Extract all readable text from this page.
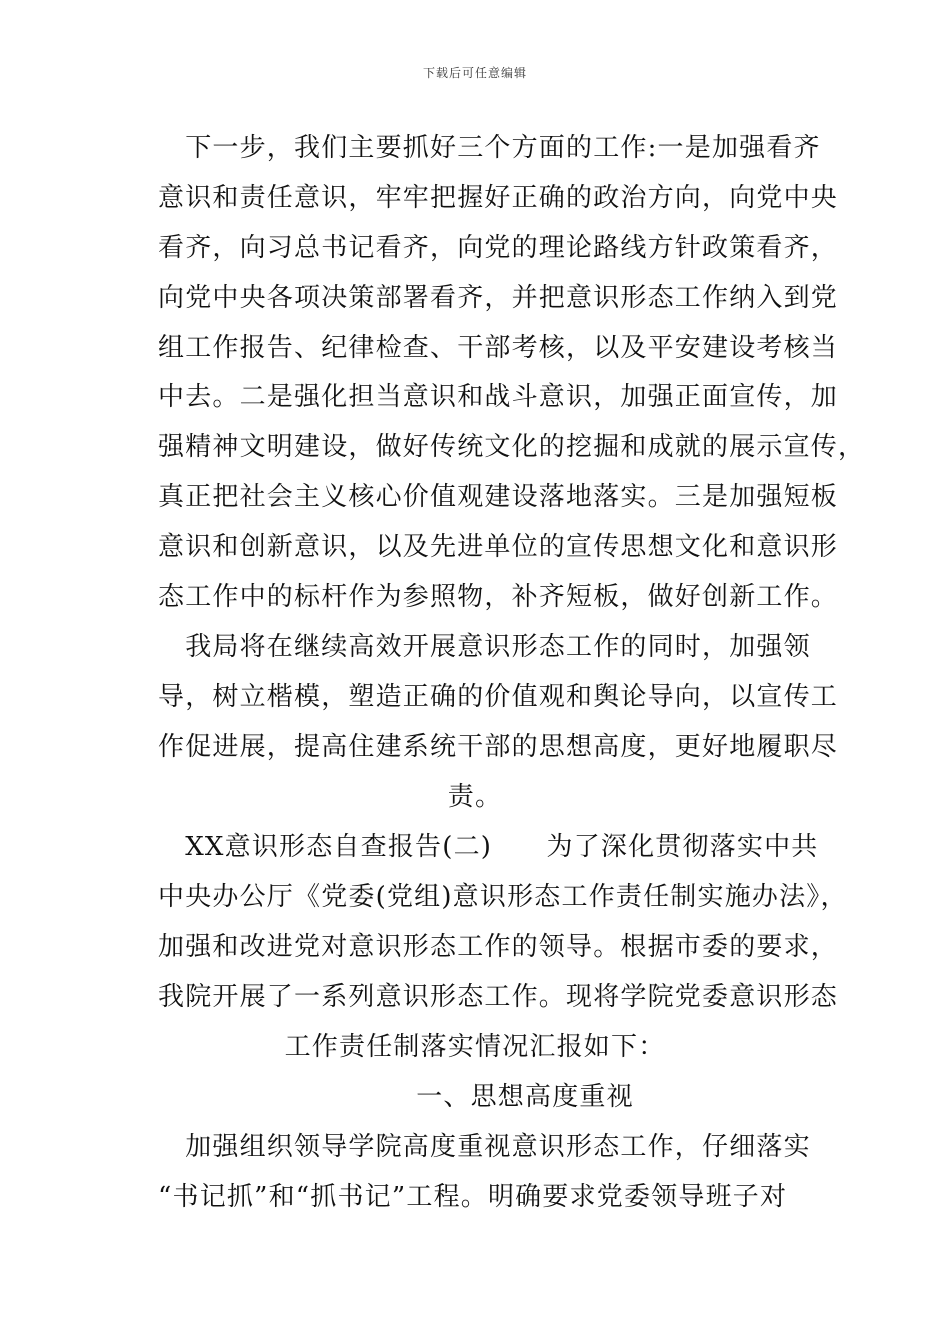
下载后可任意编辑
　下一步，我们主要抓好三个方面的工作:一是加强看齐
意识和责任意识，牢牢把握好正确的政治方向，向党中央
看齐，向习总书记看齐，向党的理论路线方针政策看齐，
向党中央各项决策部署看齐，并把意识形态工作纳入到党
组工作报告、纪律检查、干部考核，以及平安建设考核当
中去。二是强化担当意识和战斗意识，加强正面宣传，加
强精神文明建设，做好传统文化的挖掘和成就的展示宣传，
真正把社会主义核心价值观建设落地落实。三是加强短板
意识和创新意识，以及先进单位的宣传思想文化和意识形
态工作中的标杆作为参照物，补齐短板，做好创新工作。
　我局将在继续高效开展意识形态工作的同时，加强领
导，树立楷模，塑造正确的价值观和舆论导向，以宣传工
作促进展，提高住建系统干部的思想高度，更好地履职尽
责。
　XX意识形态自查报告(二)　　为了深化贯彻落实中共
中央办公厅《党委(党组)意识形态工作责任制实施办法》，
加强和改进党对意识形态工作的领导。根据市委的要求，
我院开展了一系列意识形态工作。现将学院党委意识形态
工作责任制落实情况汇报如下：
一、思想高度重视
　加强组织领导学院高度重视意识形态工作，仔细落实
“书记抓”和“抓书记”工程。明确要求党委领导班子对
